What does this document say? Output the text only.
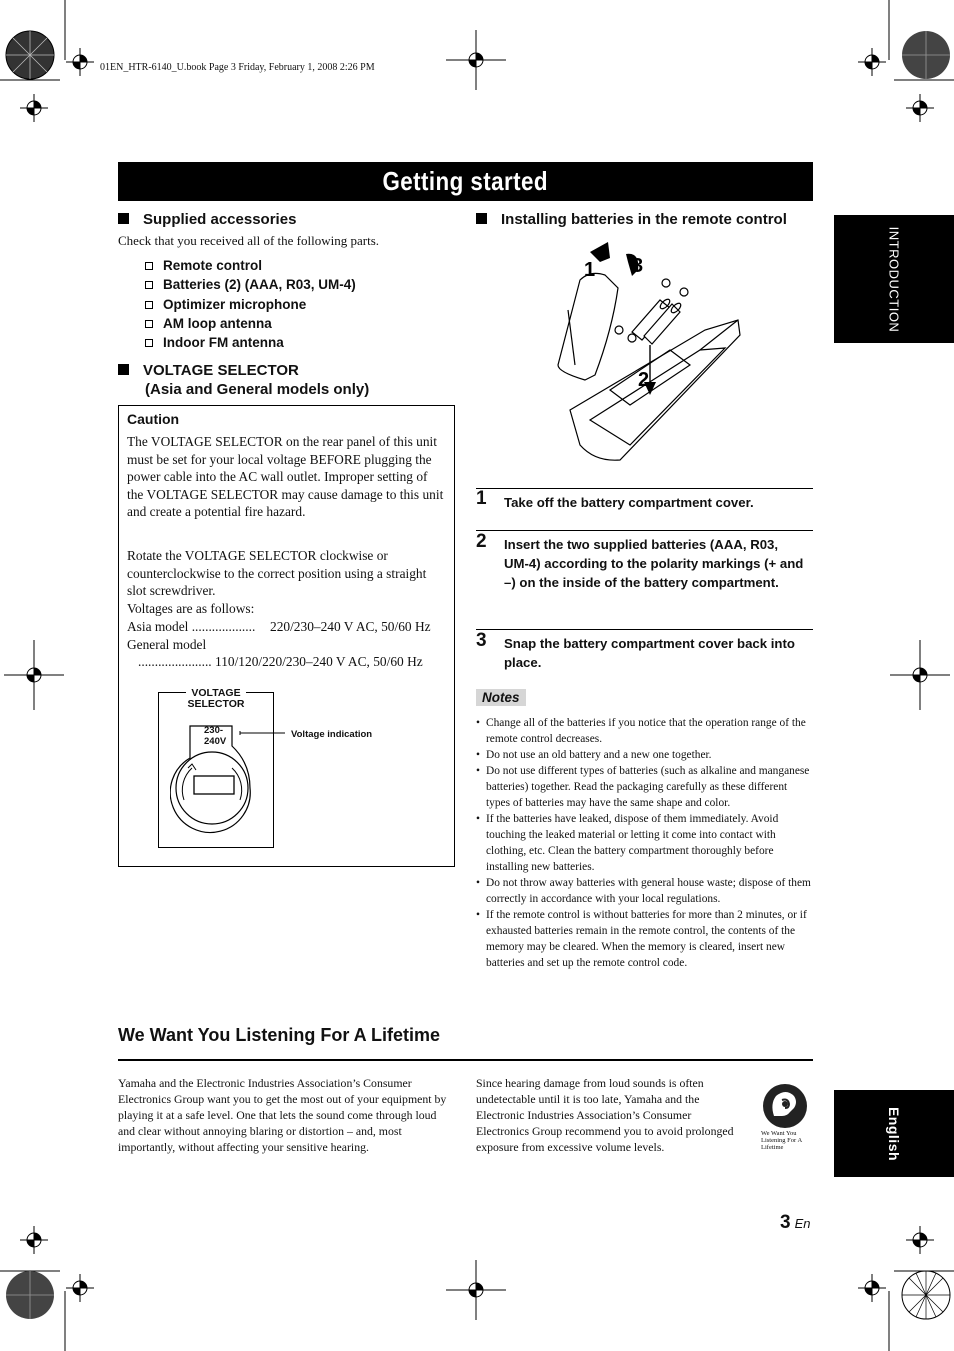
01EN_HTR-6140_U.book Page 3 Friday, February 1, 2008 2:26 PM
Getting started
INTRODUCTION
English
Supplied accessories
Check that you received all of the following parts.
Remote control
Batteries (2) (AAA, R03, UM-4)
Optimizer microphone
AM loop antenna
Indoor FM antenna
VOLTAGE SELECTOR
(Asia and General models only)
Caution
The VOLTAGE SELECTOR on the rear panel of this unit must be set for your local voltage BEFORE plugging the power cable into the AC wall outlet. Improper setting of the VOLTAGE SELECTOR may cause damage to this unit and create a potential fire hazard.
Rotate the VOLTAGE SELECTOR clockwise or counterclockwise to the correct position using a straight slot screwdriver.
Voltages are as follows:
Asia model ................... 220/230–240 V AC, 50/60 Hz
General model
...................... 110/120/220/230–240 V AC, 50/60 Hz
VOLTAGE
SELECTOR
230-
240V
Voltage indication
Installing batteries in the remote control
1 3
2
1 Take off the battery compartment cover.
2 Insert the two supplied batteries (AAA, R03, UM-4) according to the polarity markings (+ and –) on the inside of the battery compartment.
3 Snap the battery compartment cover back into place.
Notes
• Change all of the batteries if you notice that the operation range of the remote control decreases.
• Do not use an old battery and a new one together.
• Do not use different types of batteries (such as alkaline and manganese batteries) together. Read the packaging carefully as these different types of batteries may have the same shape and color.
• If the batteries have leaked, dispose of them immediately. Avoid touching the leaked material or letting it come into contact with clothing, etc. Clean the battery compartment thoroughly before installing new batteries.
• Do not throw away batteries with general house waste; dispose of them correctly in accordance with your local regulations.
• If the remote control is without batteries for more than 2 minutes, or if exhausted batteries remain in the remote control, the contents of the memory may be cleared. When the memory is cleared, insert new batteries and set up the remote control code.
We Want You Listening For A Lifetime
Yamaha and the Electronic Industries Association’s Consumer Electronics Group want you to get the most out of your equipment by playing it at a safe level. One that lets the sound come through loud and clear without annoying blaring or distortion – and, most importantly, without affecting your sensitive hearing.
Since hearing damage from loud sounds is often undetectable until it is too late, Yamaha and the Electronic Industries Association’s Consumer Electronics Group recommend you to avoid prolonged exposure from excessive volume levels.
We Want You Listening For A Lifetime
3 En
